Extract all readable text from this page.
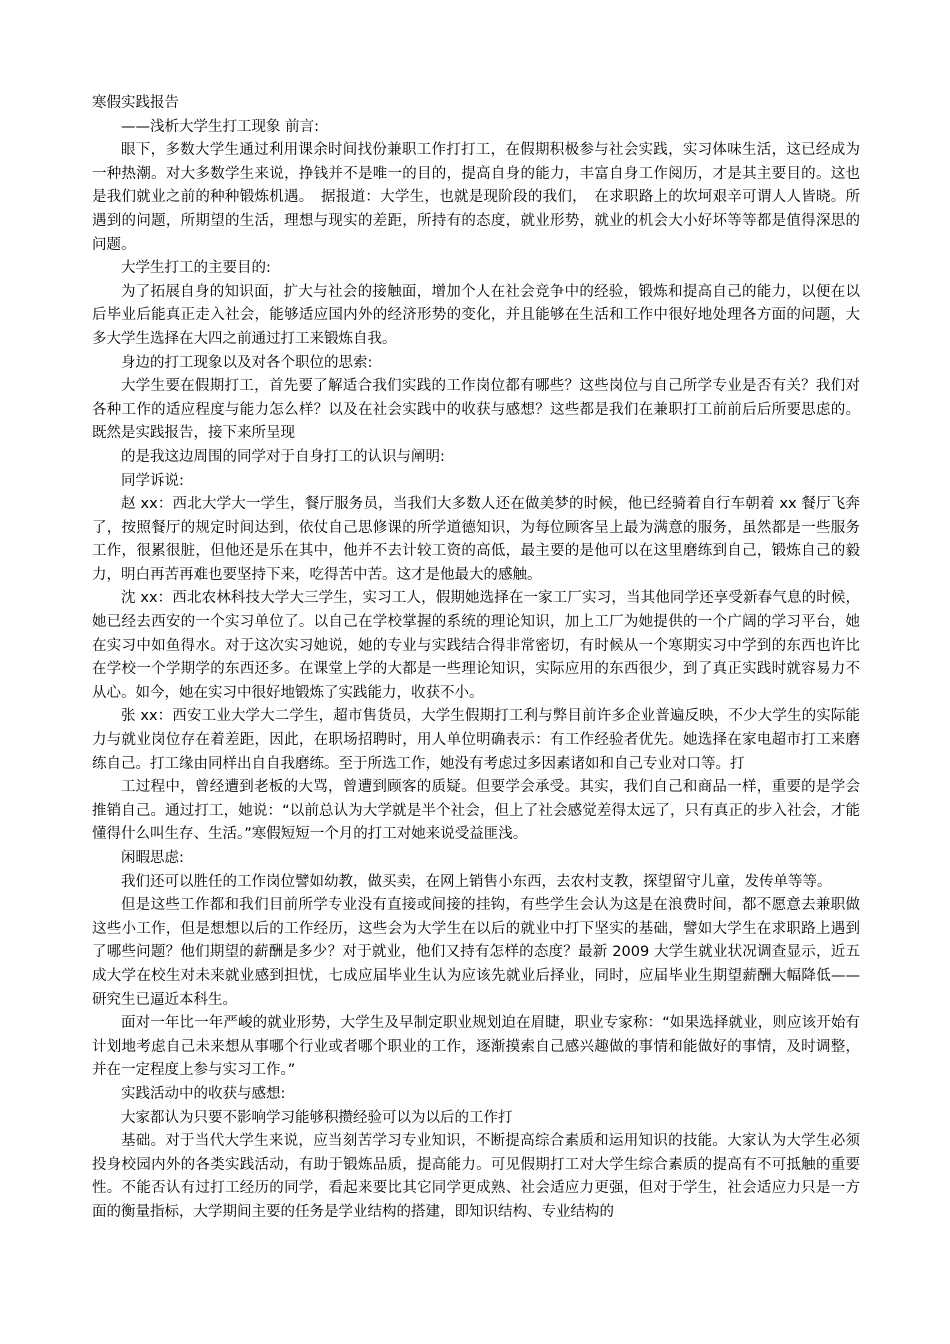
寒假实践报告

——浅析大学生打工现象 前言:

眼下，多数大学生通过利用课余时间找份兼职工作打打工，在假期积极参与社会实践，实习体味生活，这已经成为一种热潮。对大多数学生来说，挣钱并不是唯一的目的，提高自身的能力，丰富自身工作阅历，才是其主要目的。这也是我们就业之前的种种锻炼机遇。　据报道：大学生，也就是现阶段的我们，　在求职路上的坎坷艰辛可谓人人皆晓。所遇到的问题，所期望的生活，理想与现实的差距，所持有的态度，就业形势，就业的机会大小好坏等等都是值得深思的问题。

大学生打工的主要目的:

为了拓展自身的知识面，扩大与社会的接触面，增加个人在社会竞争中的经验，锻炼和提高自己的能力，以便在以后毕业后能真正走入社会，能够适应国内外的经济形势的变化，并且能够在生活和工作中很好地处理各方面的问题，大多大学生选择在大四之前通过打工来锻炼自我。

身边的打工现象以及对各个职位的思索:

大学生要在假期打工，首先要了解适合我们实践的工作岗位都有哪些？这些岗位与自己所学专业是否有关？我们对各种工作的适应程度与能力怎么样？以及在社会实践中的收获与感想？这些都是我们在兼职打工前前后后所要思虑的。既然是实践报告，接下来所呈现

的是我这边周围的同学对于自身打工的认识与阐明:

同学诉说:

赵 xx：西北大学大一学生，餐厅服务员，当我们大多数人还在做美梦的时候，他已经骑着自行车朝着 xx 餐厅飞奔了，按照餐厅的规定时间达到，依仗自己思修课的所学道德知识，为每位顾客呈上最为满意的服务，虽然都是一些服务工作，很累很脏，但他还是乐在其中，他并不去计较工资的高低，最主要的是他可以在这里磨练到自己，锻炼自己的毅力，明白再苦再难也要坚持下来，吃得苦中苦。这才是他最大的感触。

沈 xx：西北农林科技大学大三学生，实习工人，假期她选择在一家工厂实习，当其他同学还享受新春气息的时候，她已经去西安的一个实习单位了。以自己在学校掌握的系统的理论知识，加上工厂为她提供的一个广阔的学习平台，她在实习中如鱼得水。对于这次实习她说，她的专业与实践结合得非常密切，有时候从一个寒期实习中学到的东西也许比在学校一个学期学的东西还多。在课堂上学的大都是一些理论知识，实际应用的东西很少，到了真正实践时就容易力不从心。如今，她在实习中很好地锻炼了实践能力，收获不小。

张 xx：西安工业大学大二学生，超市售货员，大学生假期打工利与弊目前许多企业普遍反映，不少大学生的实际能力与就业岗位存在着差距，因此，在职场招聘时，用人单位明确表示：有工作经验者优先。她选择在家电超市打工来磨练自己。打工缘由同样出自自我磨练。至于所选工作，她没有考虑过多因素诸如和自己专业对口等。打

工过程中，曾经遭到老板的大骂，曾遭到顾客的质疑。但要学会承受。其实，我们自己和商品一样，重要的是学会推销自己。通过打工，她说：“以前总认为大学就是半个社会，但上了社会感觉差得太远了，只有真正的步入社会，才能懂得什么叫生存、生活。”寒假短短一个月的打工对她来说受益匪浅。

闲暇思虑:

我们还可以胜任的工作岗位譬如幼教，做买卖，在网上销售小东西，去农村支教，探望留守儿童，发传单等等。

但是这些工作都和我们目前所学专业没有直接或间接的挂钩，有些学生会认为这是在浪费时间，都不愿意去兼职做这些小工作，但是想想以后的工作经历，这些会为大学生在以后的就业中打下坚实的基础，譬如大学生在求职路上遇到了哪些问题？他们期望的薪酬是多少？对于就业，他们又持有怎样的态度？最新 2009 大学生就业状况调查显示，近五成大学在校生对未来就业感到担忧，七成应届毕业生认为应该先就业后择业，同时，应届毕业生期望薪酬大幅降低——研究生已逼近本科生。

面对一年比一年严峻的就业形势，大学生及早制定职业规划迫在眉睫，职业专家称：“如果选择就业，则应该开始有计划地考虑自己未来想从事哪个行业或者哪个职业的工作，逐渐摸索自己感兴趣做的事情和能做好的事情，及时调整，并在一定程度上参与实习工作。”

实践活动中的收获与感想:

大家都认为只要不影响学习能够积攒经验可以为以后的工作打

基础。对于当代大学生来说，应当刻苦学习专业知识，不断提高综合素质和运用知识的技能。大家认为大学生必须投身校园内外的各类实践活动，有助于锻炼品质，提高能力。可见假期打工对大学生综合素质的提高有不可抵触的重要性。不能否认有过打工经历的同学，看起来要比其它同学更成熟、社会适应力更强，但对于学生，社会适应力只是一方面的衡量指标，大学期间主要的任务是学业结构的搭建，即知识结构、专业结构的
